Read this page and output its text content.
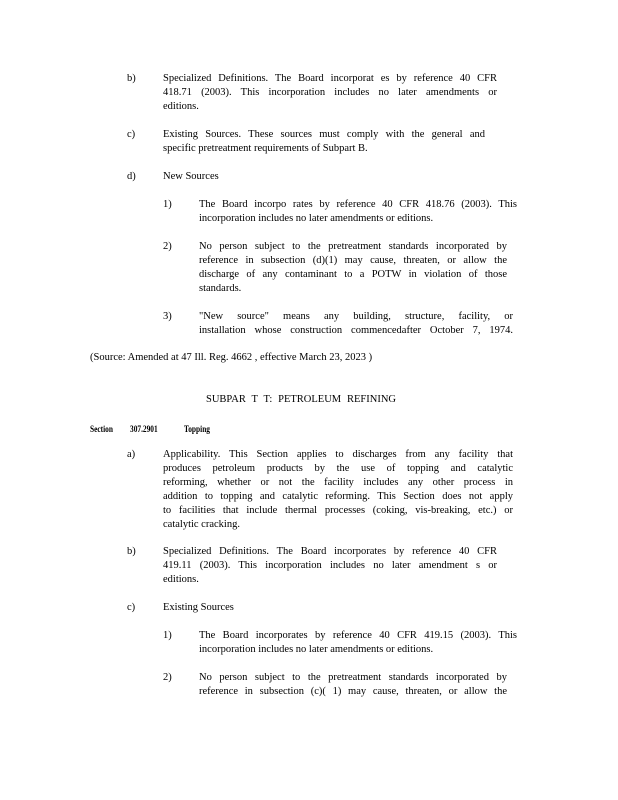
b)	Specialized Definitions. The Board incorporat es by reference 40 CFR
418.71 (2003). This incorporation includes no later amendments or
editions.
c)	Existing Sources. These sources must comply with the general and
specific pretreatment requirements of Subpart B.
d)	New Sources
1)	The Board incorpo rates by reference 40 CFR 418.76 (2003). This
incorporation includes no later amendments or editions.
2)	No person subject to the pretreatment standards incorporated by
reference in subsection (d)(1) may cause, threaten, or allow the
discharge of any contaminant to a POTW in violation of those
standards.
3)	"New source" means any building, structure, facility, or
installation whose construction commencedafter October 7, 1974.
(Source: Amended at 47 Ill. Reg. 4662 , effective March 23, 2023 )
SUBPAR T T: PETROLEUM REFINING
Section 307.2901	Topping
a)	Applicability. This Section applies to discharges from any facility that
produces petroleum products by the use of topping and catalytic
reforming, whether or not the facility includes any other process in
addition to topping and catalytic reforming. This Section does not apply
to facilities that include thermal processes (coking, vis-breaking, etc.) or
catalytic cracking.
b)	Specialized Definitions. The Board incorporates by reference 40 CFR
419.11 (2003). This incorporation includes no later amendment s or
editions.
c)	Existing Sources
1)	The Board incorporates by reference 40 CFR 419.15 (2003). This
incorporation includes no later amendments or editions.
2)	No person subject to the pretreatment standards incorporated by
reference in subsection (c)( 1) may cause, threaten, or allow the
